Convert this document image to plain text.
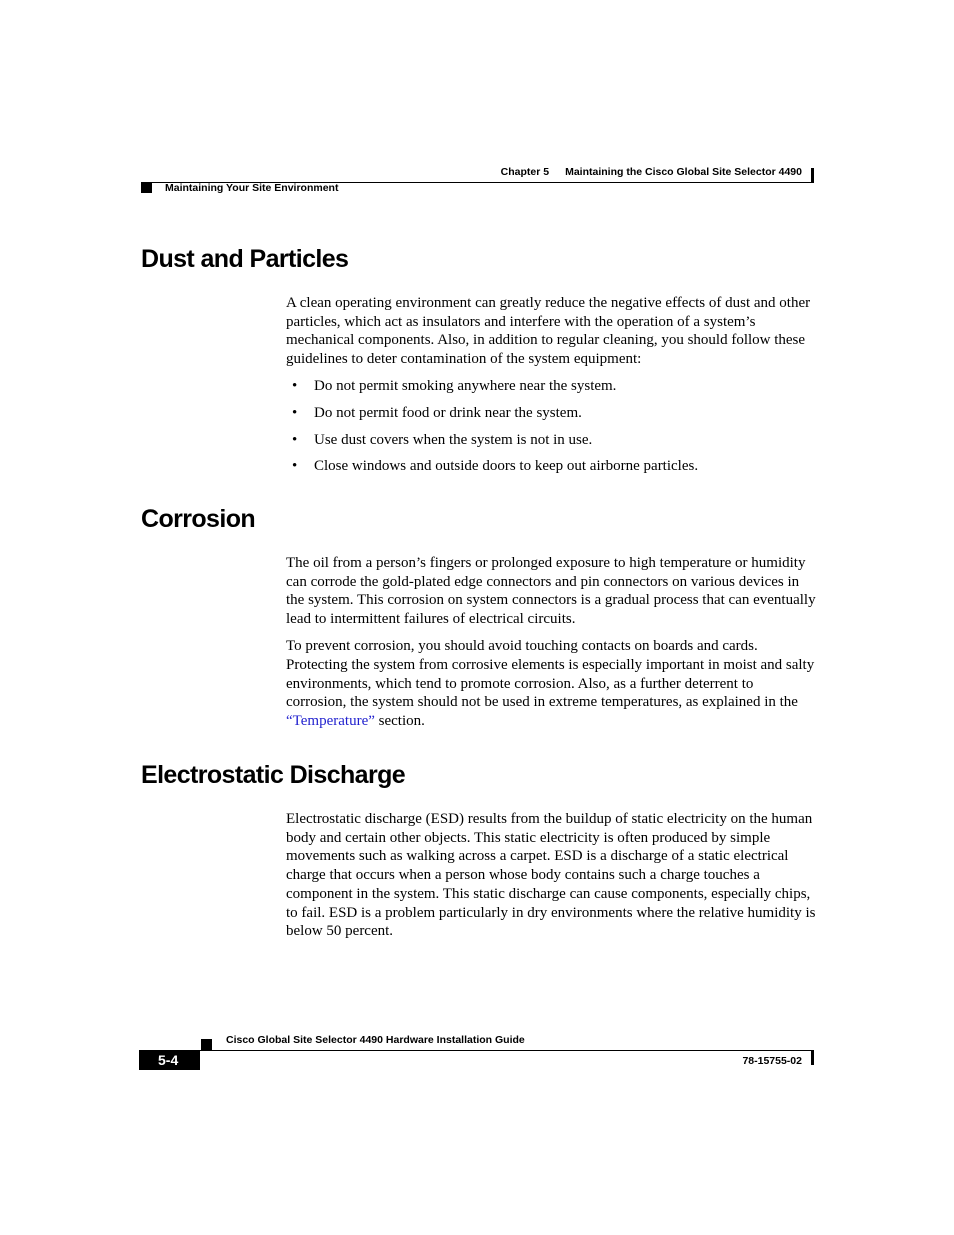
Chapter 5 Maintaining the Cisco Global Site Selector 4490
Maintaining Your Site Environment
Dust and Particles

A clean operating environment can greatly reduce the negative effects of dust and other particles, which act as insulators and interfere with the operation of a system’s mechanical components. Also, in addition to regular cleaning, you should follow these guidelines to deter contamination of the system equipment:

• Do not permit smoking anywhere near the system.
• Do not permit food or drink near the system.
• Use dust covers when the system is not in use.
• Close windows and outside doors to keep out airborne particles.
Corrosion

The oil from a person’s fingers or prolonged exposure to high temperature or humidity can corrode the gold-plated edge connectors and pin connectors on various devices in the system. This corrosion on system connectors is a gradual process that can eventually lead to intermittent failures of electrical circuits.

To prevent corrosion, you should avoid touching contacts on boards and cards. Protecting the system from corrosive elements is especially important in moist and salty environments, which tend to promote corrosion. Also, as a further deterrent to corrosion, the system should not be used in extreme temperatures, as explained in the “Temperature” section.

Electrostatic Discharge

Electrostatic discharge (ESD) results from the buildup of static electricity on the human body and certain other objects. This static electricity is often produced by simple movements such as walking across a carpet. ESD is a discharge of a static electrical charge that occurs when a person whose body contains such a charge touches a component in the system. This static discharge can cause components, especially chips, to fail. ESD is a problem particularly in dry environments where the relative humidity is below 50 percent.

Cisco Global Site Selector 4490 Hardware Installation Guide
5-4	78-15755-02
